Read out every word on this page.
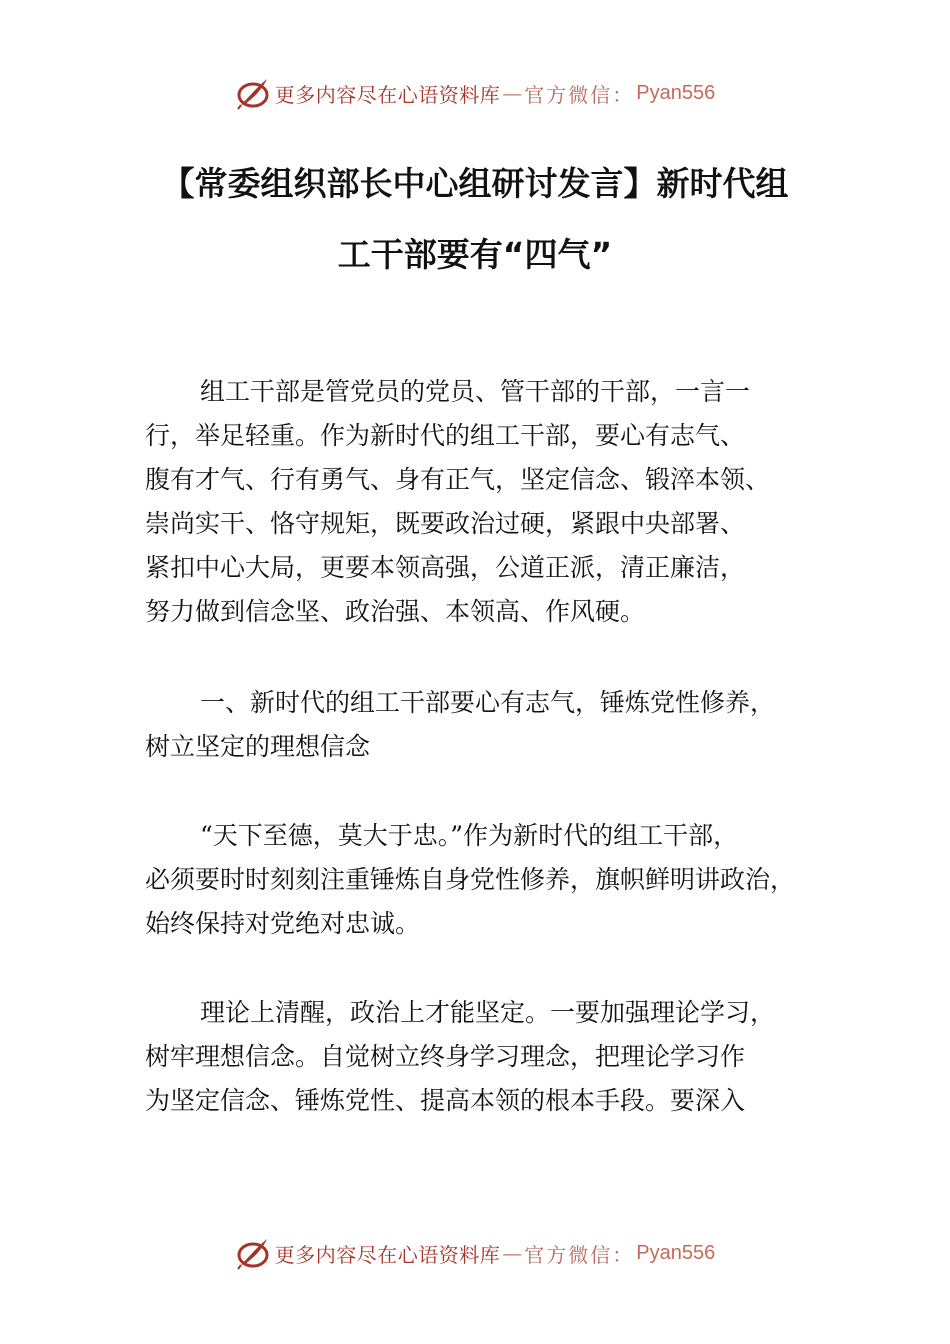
更多内容尽在心语资料库 — 官方微信： Pyan556
【常委组织部长中心组研讨发言】新时代组
工干部要有“四气”
组工干部是管党员的党员、管干部的干部，一言一
行，举足轻重。作为新时代的组工干部，要心有志气、
腹有才气、行有勇气、身有正气，坚定信念、锻淬本领、
崇尚实干、恪守规矩，既要政治过硬，紧跟中央部署、
紧扣中心大局，更要本领高强，公道正派，清正廉洁，
努力做到信念坚、政治强、本领高、作风硬。
一、新时代的组工干部要心有志气，锤炼党性修养，
树立坚定的理想信念
“天下至德，莫大于忠。”作为新时代的组工干部，
必须要时时刻刻注重锤炼自身党性修养，旗帜鲜明讲政治，
始终保持对党绝对忠诚。
理论上清醒，政治上才能坚定。一要加强理论学习，
树牢理想信念。自觉树立终身学习理念，把理论学习作
为坚定信念、锤炼党性、提高本领的根本手段。要深入
更多内容尽在心语资料库 — 官方微信： Pyan556
